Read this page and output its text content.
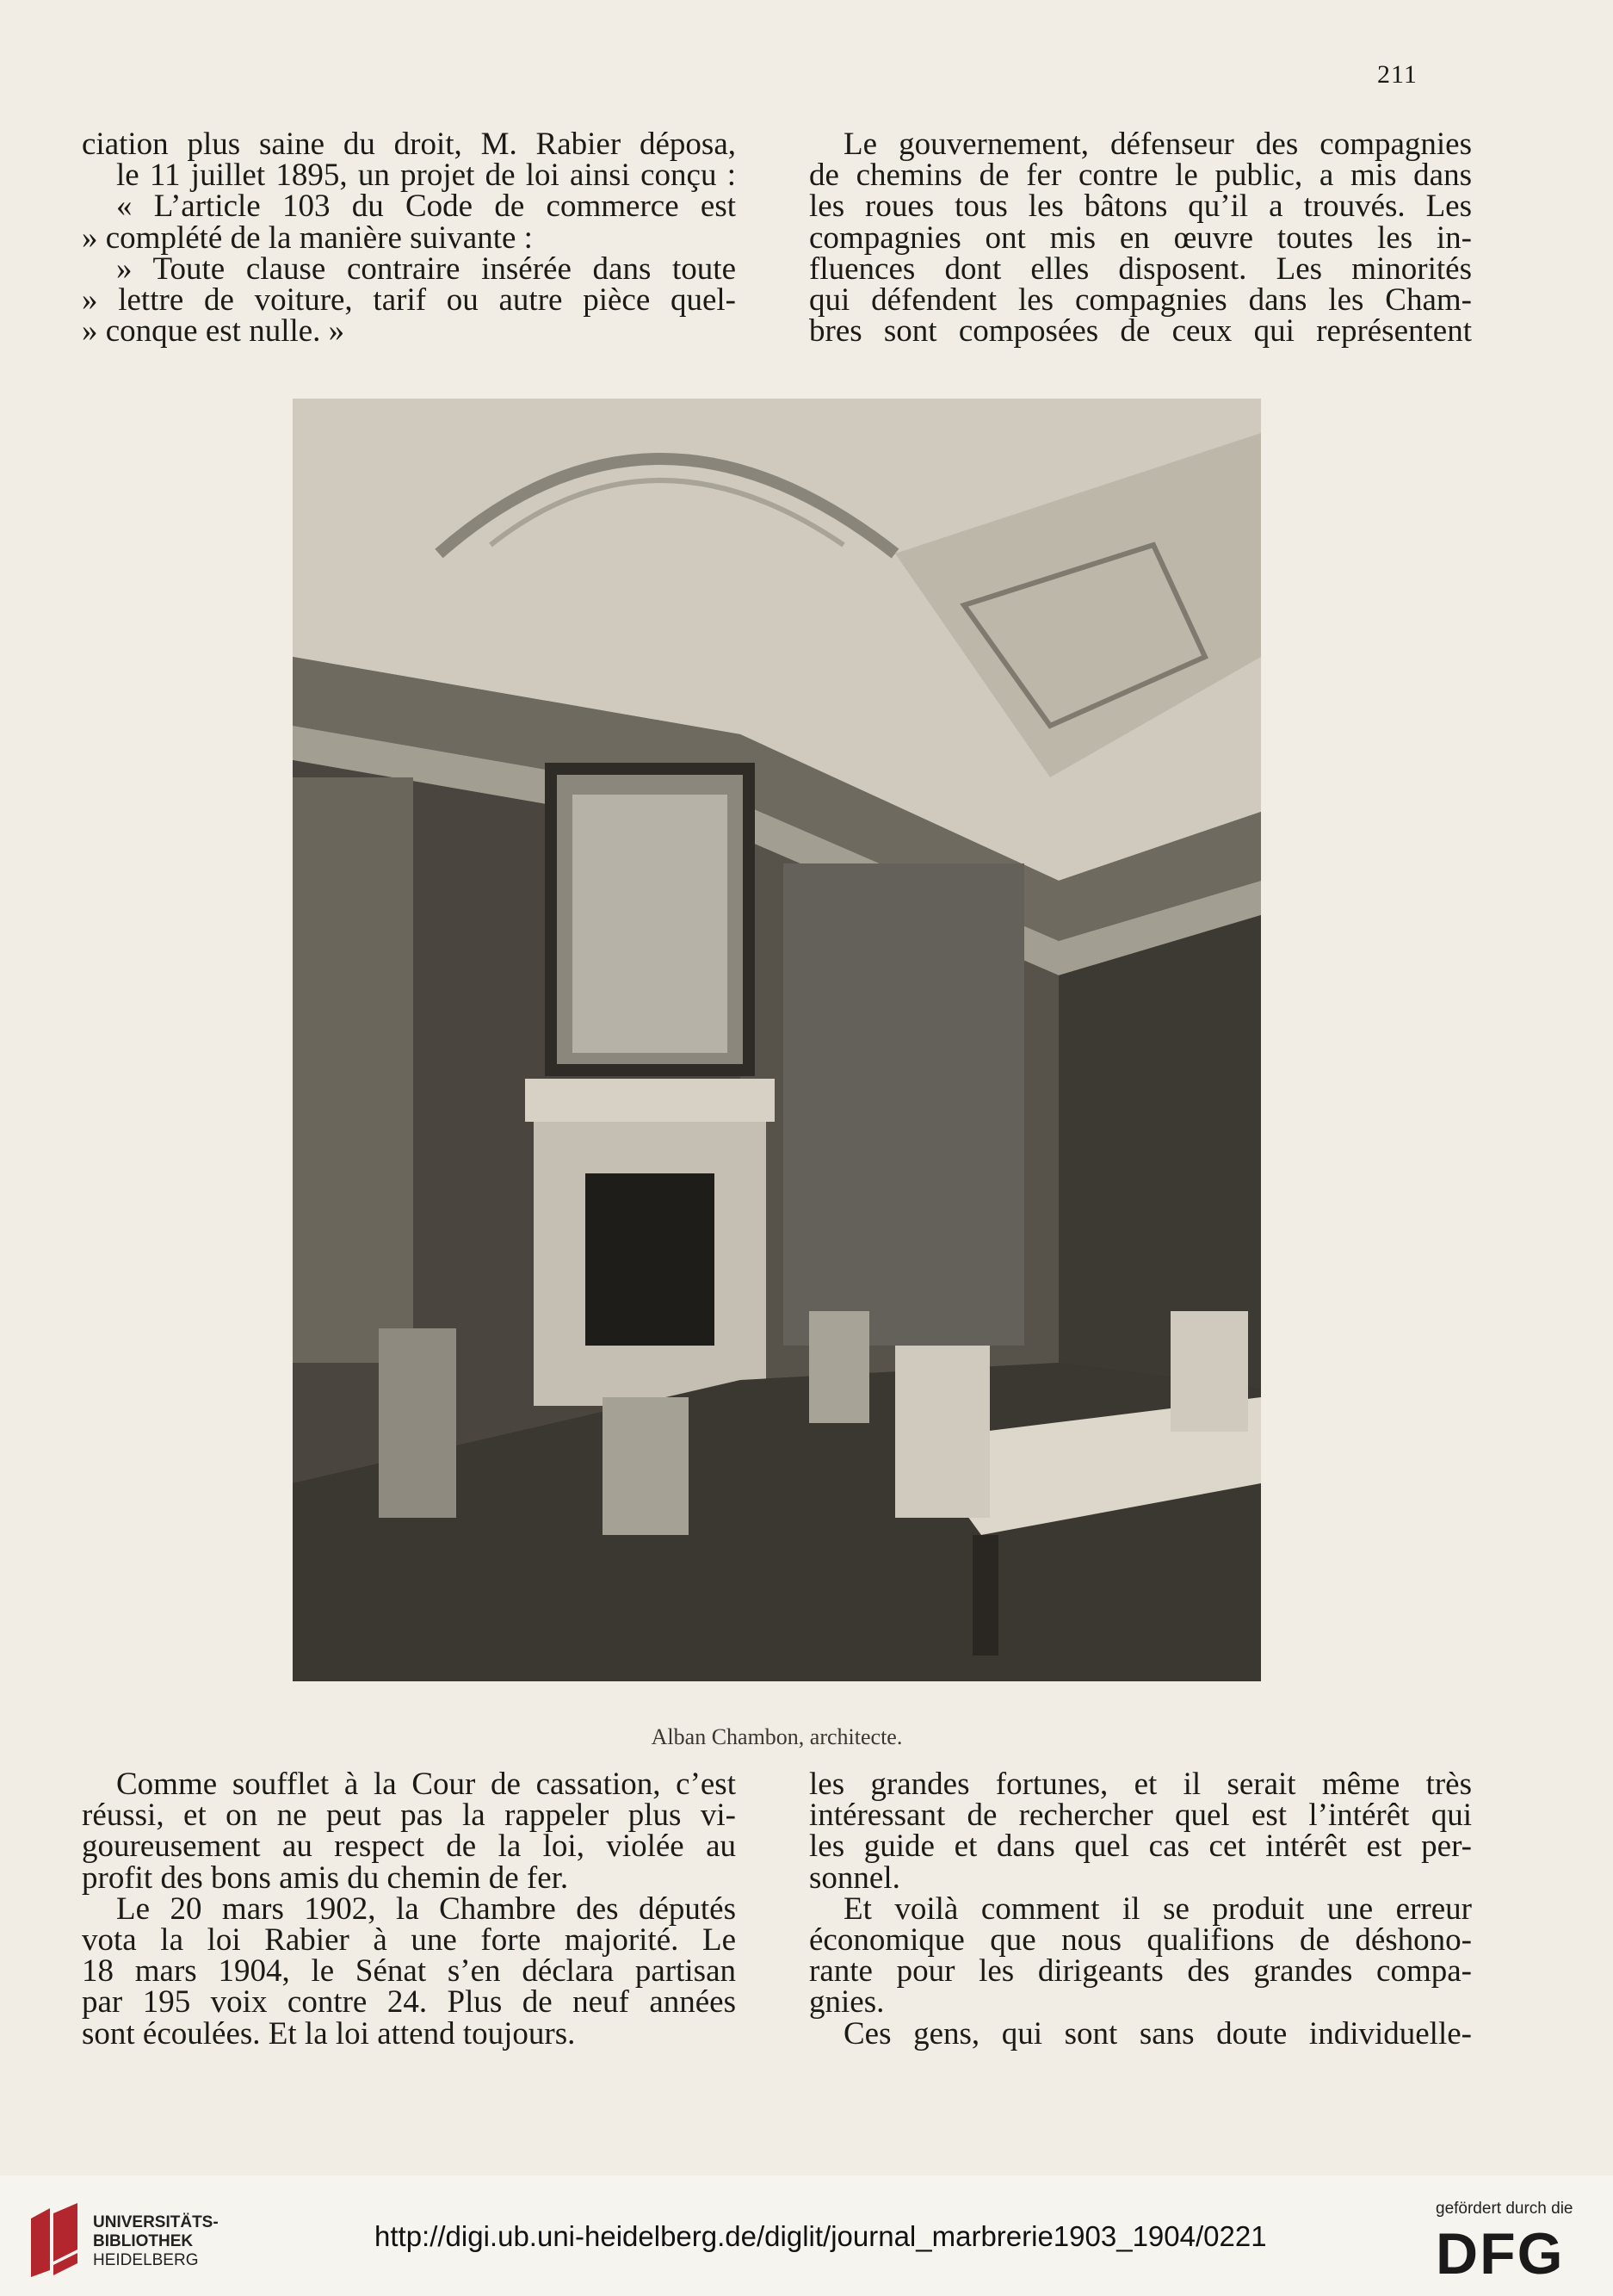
211
ciation plus saine du droit, M. Rabier déposa,
le 11 juillet 1895, un projet de loi ainsi conçu :
« L’article 103 du Code de commerce est
» complété de la manière suivante :
» Toute clause contraire insérée dans toute
» lettre de voiture, tarif ou autre pièce quel-
» conque est nulle. »
Le gouvernement, défenseur des compagnies
de chemins de fer contre le public, a mis dans
les roues tous les bâtons qu’il a trouvés. Les
compagnies ont mis en œuvre toutes les in-
fluences dont elles disposent. Les minorités
qui défendent les compagnies dans les Cham-
bres sont composées de ceux qui représentent
Alban Chambon, architecte.
Comme soufflet à la Cour de cassation, c’est
réussi, et on ne peut pas la rappeler plus vi-
goureusement au respect de la loi, violée au
profit des bons amis du chemin de fer.
Le 20 mars 1902, la Chambre des députés
vota la loi Rabier à une forte majorité. Le
18 mars 1904, le Sénat s’en déclara partisan
par 195 voix contre 24. Plus de neuf années
sont écoulées. Et la loi attend toujours.
les grandes fortunes, et il serait même très
intéressant de rechercher quel est l’intérêt qui
les guide et dans quel cas cet intérêt est per-
sonnel.
Et voilà comment il se produit une erreur
économique que nous qualifions de déshono-
rante pour les dirigeants des grandes compa-
gnies.
Ces gens, qui sont sans doute individuelle-
UNIVERSITÄTS-
BIBLIOTHEK
HEIDELBERG
http://digi.ub.uni-heidelberg.de/diglit/journal_marbrerie1903_1904/0221
gefördert durch die
DFG
